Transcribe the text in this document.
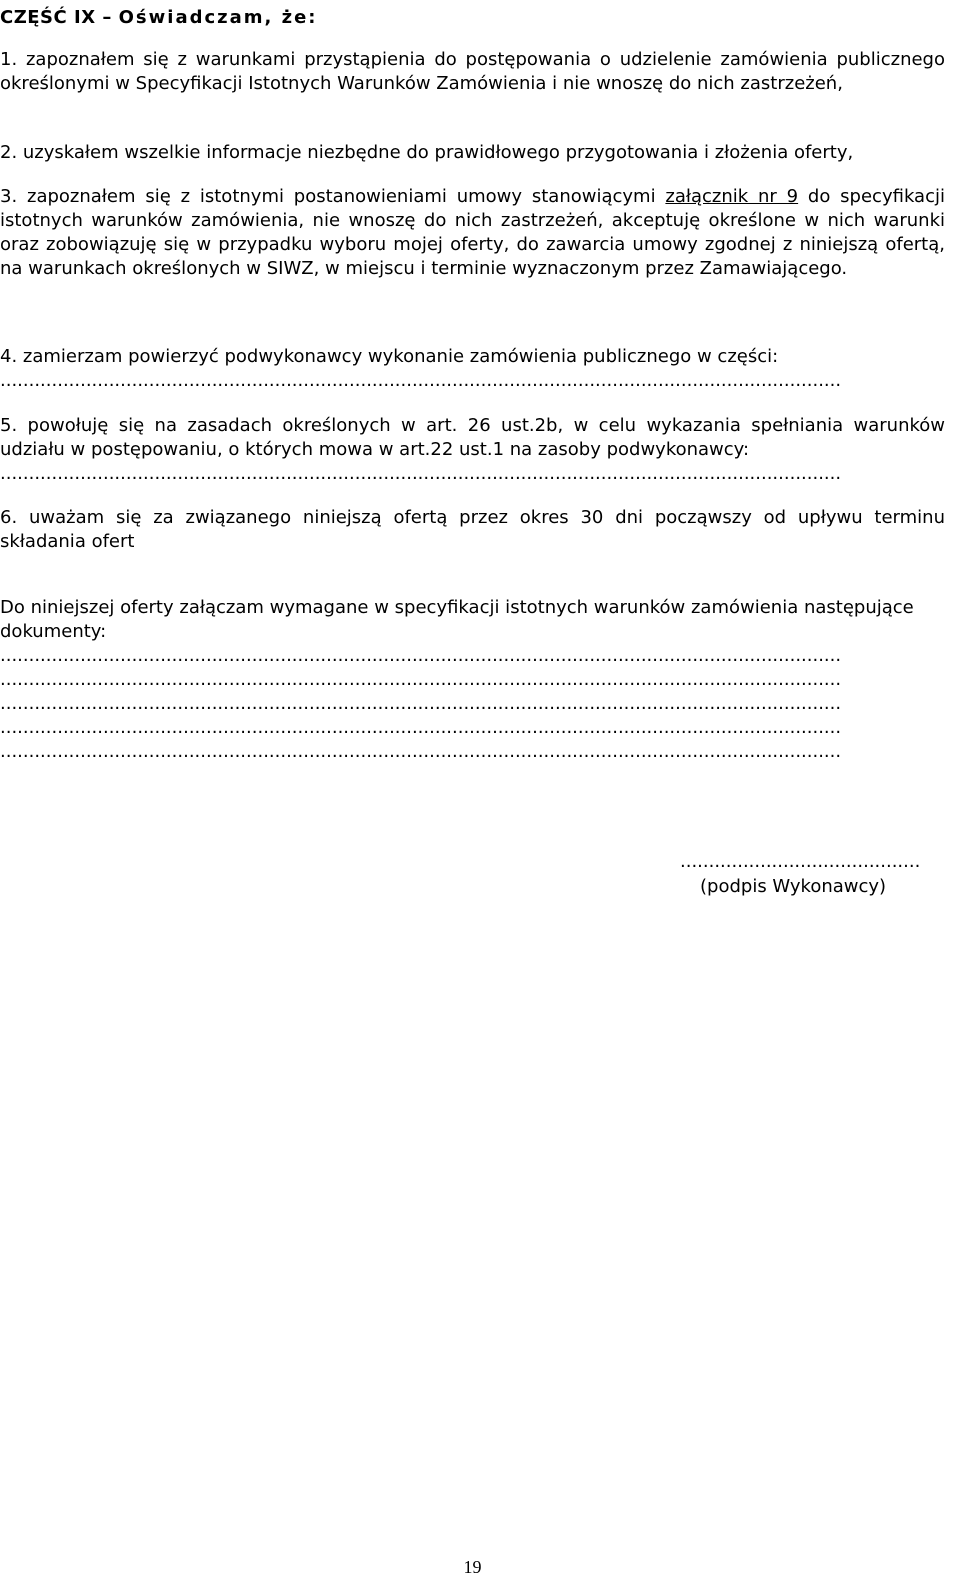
CZĘŚĆ IX – Oświadczam, że:

1. zapoznałem się z warunkami przystąpienia do postępowania o udzielenie zamówienia publicznego określonymi w Specyfikacji Istotnych Warunków Zamówienia i nie wnoszę do nich zastrzeżeń,

2. uzyskałem wszelkie informacje niezbędne do prawidłowego przygotowania i złożenia oferty,

3. zapoznałem się z istotnymi postanowieniami umowy stanowiącymi załącznik nr 9 do specyfikacji istotnych warunków zamówienia, nie wnoszę do nich zastrzeżeń, akceptuję określone w nich warunki oraz zobowiązuję się w przypadku wyboru mojej oferty, do zawarcia umowy zgodnej z niniejszą ofertą, na warunkach określonych w SIWZ, w miejscu i terminie wyznaczonym przez Zamawiającego.

4. zamierzam powierzyć podwykonawcy wykonanie zamówienia publicznego w części:
...................................................................................................................................................

5. powołuję się na zasadach określonych w art. 26 ust.2b, w celu wykazania spełniania warunków udziału w postępowaniu, o których mowa w art.22 ust.1 na zasoby podwykonawcy:

...................................................................................................................................................

6. uważam się za związanego niniejszą ofertą przez okres 30 dni począwszy od upływu terminu składania ofert

Do niniejszej oferty załączam wymagane w specyfikacji istotnych warunków zamówienia następujące dokumenty:

...................................................................................................................................................
...................................................................................................................................................
...................................................................................................................................................
...................................................................................................................................................
...................................................................................................................................................
..........................................
(podpis Wykonawcy)
19
